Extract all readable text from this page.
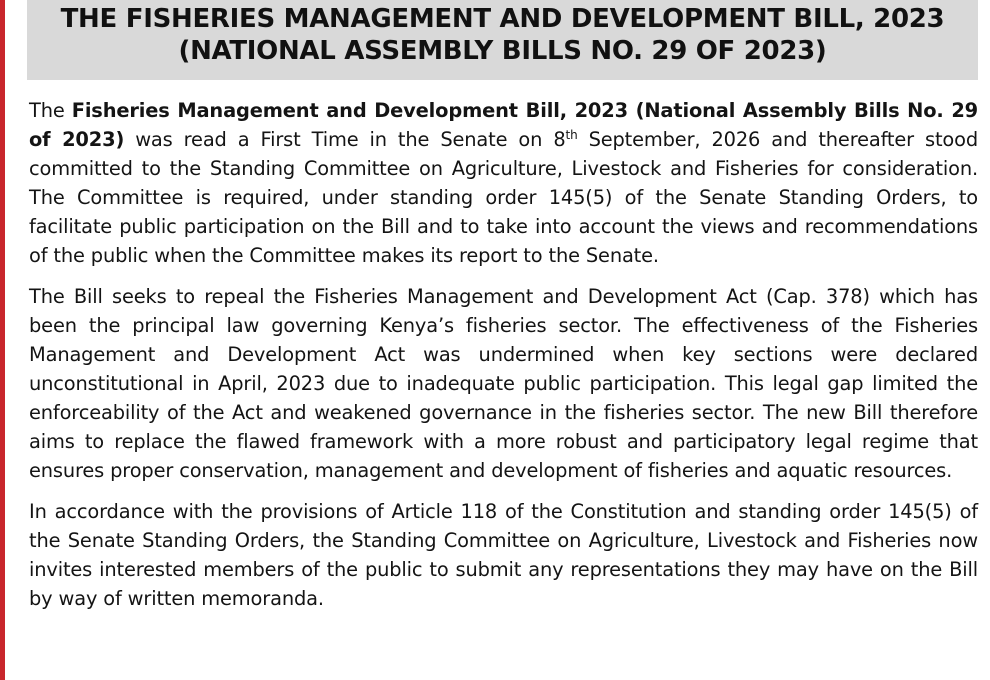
THE FISHERIES MANAGEMENT AND DEVELOPMENT BILL, 2023
(NATIONAL ASSEMBLY BILLS NO. 29 OF 2023)

The Fisheries Management and Development Bill, 2023 (National Assembly Bills No. 29 of 2023) was read a First Time in the Senate on 8th September, 2026 and thereafter stood committed to the Standing Committee on Agriculture, Livestock and Fisheries for consideration. The Committee is required, under standing order 145(5) of the Senate Standing Orders, to facilitate public participation on the Bill and to take into account the views and recommendations of the public when the Committee makes its report to the Senate.

The Bill seeks to repeal the Fisheries Management and Development Act (Cap. 378) which has been the principal law governing Kenya’s fisheries sector. The effectiveness of the Fisheries Management and Development Act was undermined when key sections were declared unconstitutional in April, 2023 due to inadequate public participation. This legal gap limited the enforceability of the Act and weakened governance in the fisheries sector. The new Bill therefore aims to replace the flawed framework with a more robust and participatory legal regime that ensures proper conservation, management and development of fisheries and aquatic resources.

In accordance with the provisions of Article 118 of the Constitution and standing order 145(5) of the Senate Standing Orders, the Standing Committee on Agriculture, Livestock and Fisheries now invites interested members of the public to submit any representations they may have on the Bill by way of written memoranda.
